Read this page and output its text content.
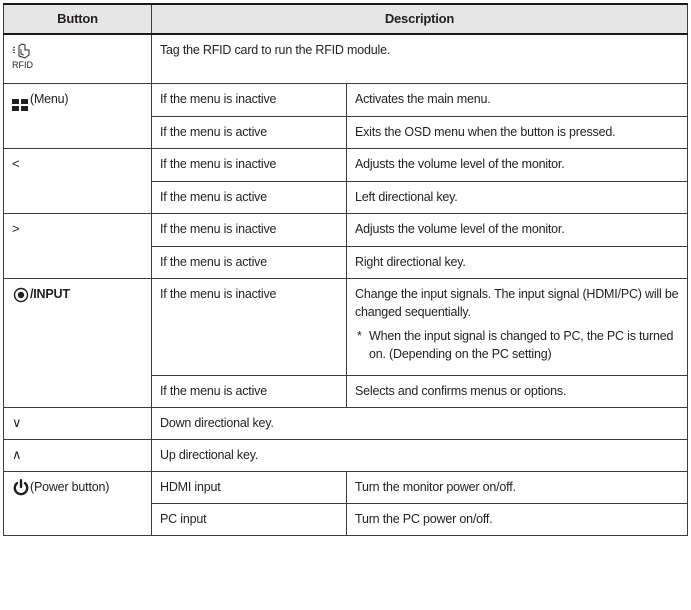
Button	Description	

RFID	Tag the RFID card to run the RFID module.	

(Menu)	If the menu is inactive	Activates the main menu.
	If the menu is active	Exits the OSD menu when the button is pressed.
<	If the menu is inactive	Adjusts the volume level of the monitor.
	If the menu is active	Left directional key.
>	If the menu is inactive	Adjusts the volume level of the monitor.
	If the menu is active	Right directional key.
/INPUT	If the menu is inactive	Change the input signals. The input signal (HDMI/PC) will be changed sequentially.
* When the input signal is changed to PC, the PC is turned on. (Depending on the PC setting)

	If the menu is active	Selects and confirms menus or options.
∨	Down directional key.	
∧	Up directional key.	
(Power button)	HDMI input	Turn the monitor power on/off.
	PC input	Turn the PC power on/off.
